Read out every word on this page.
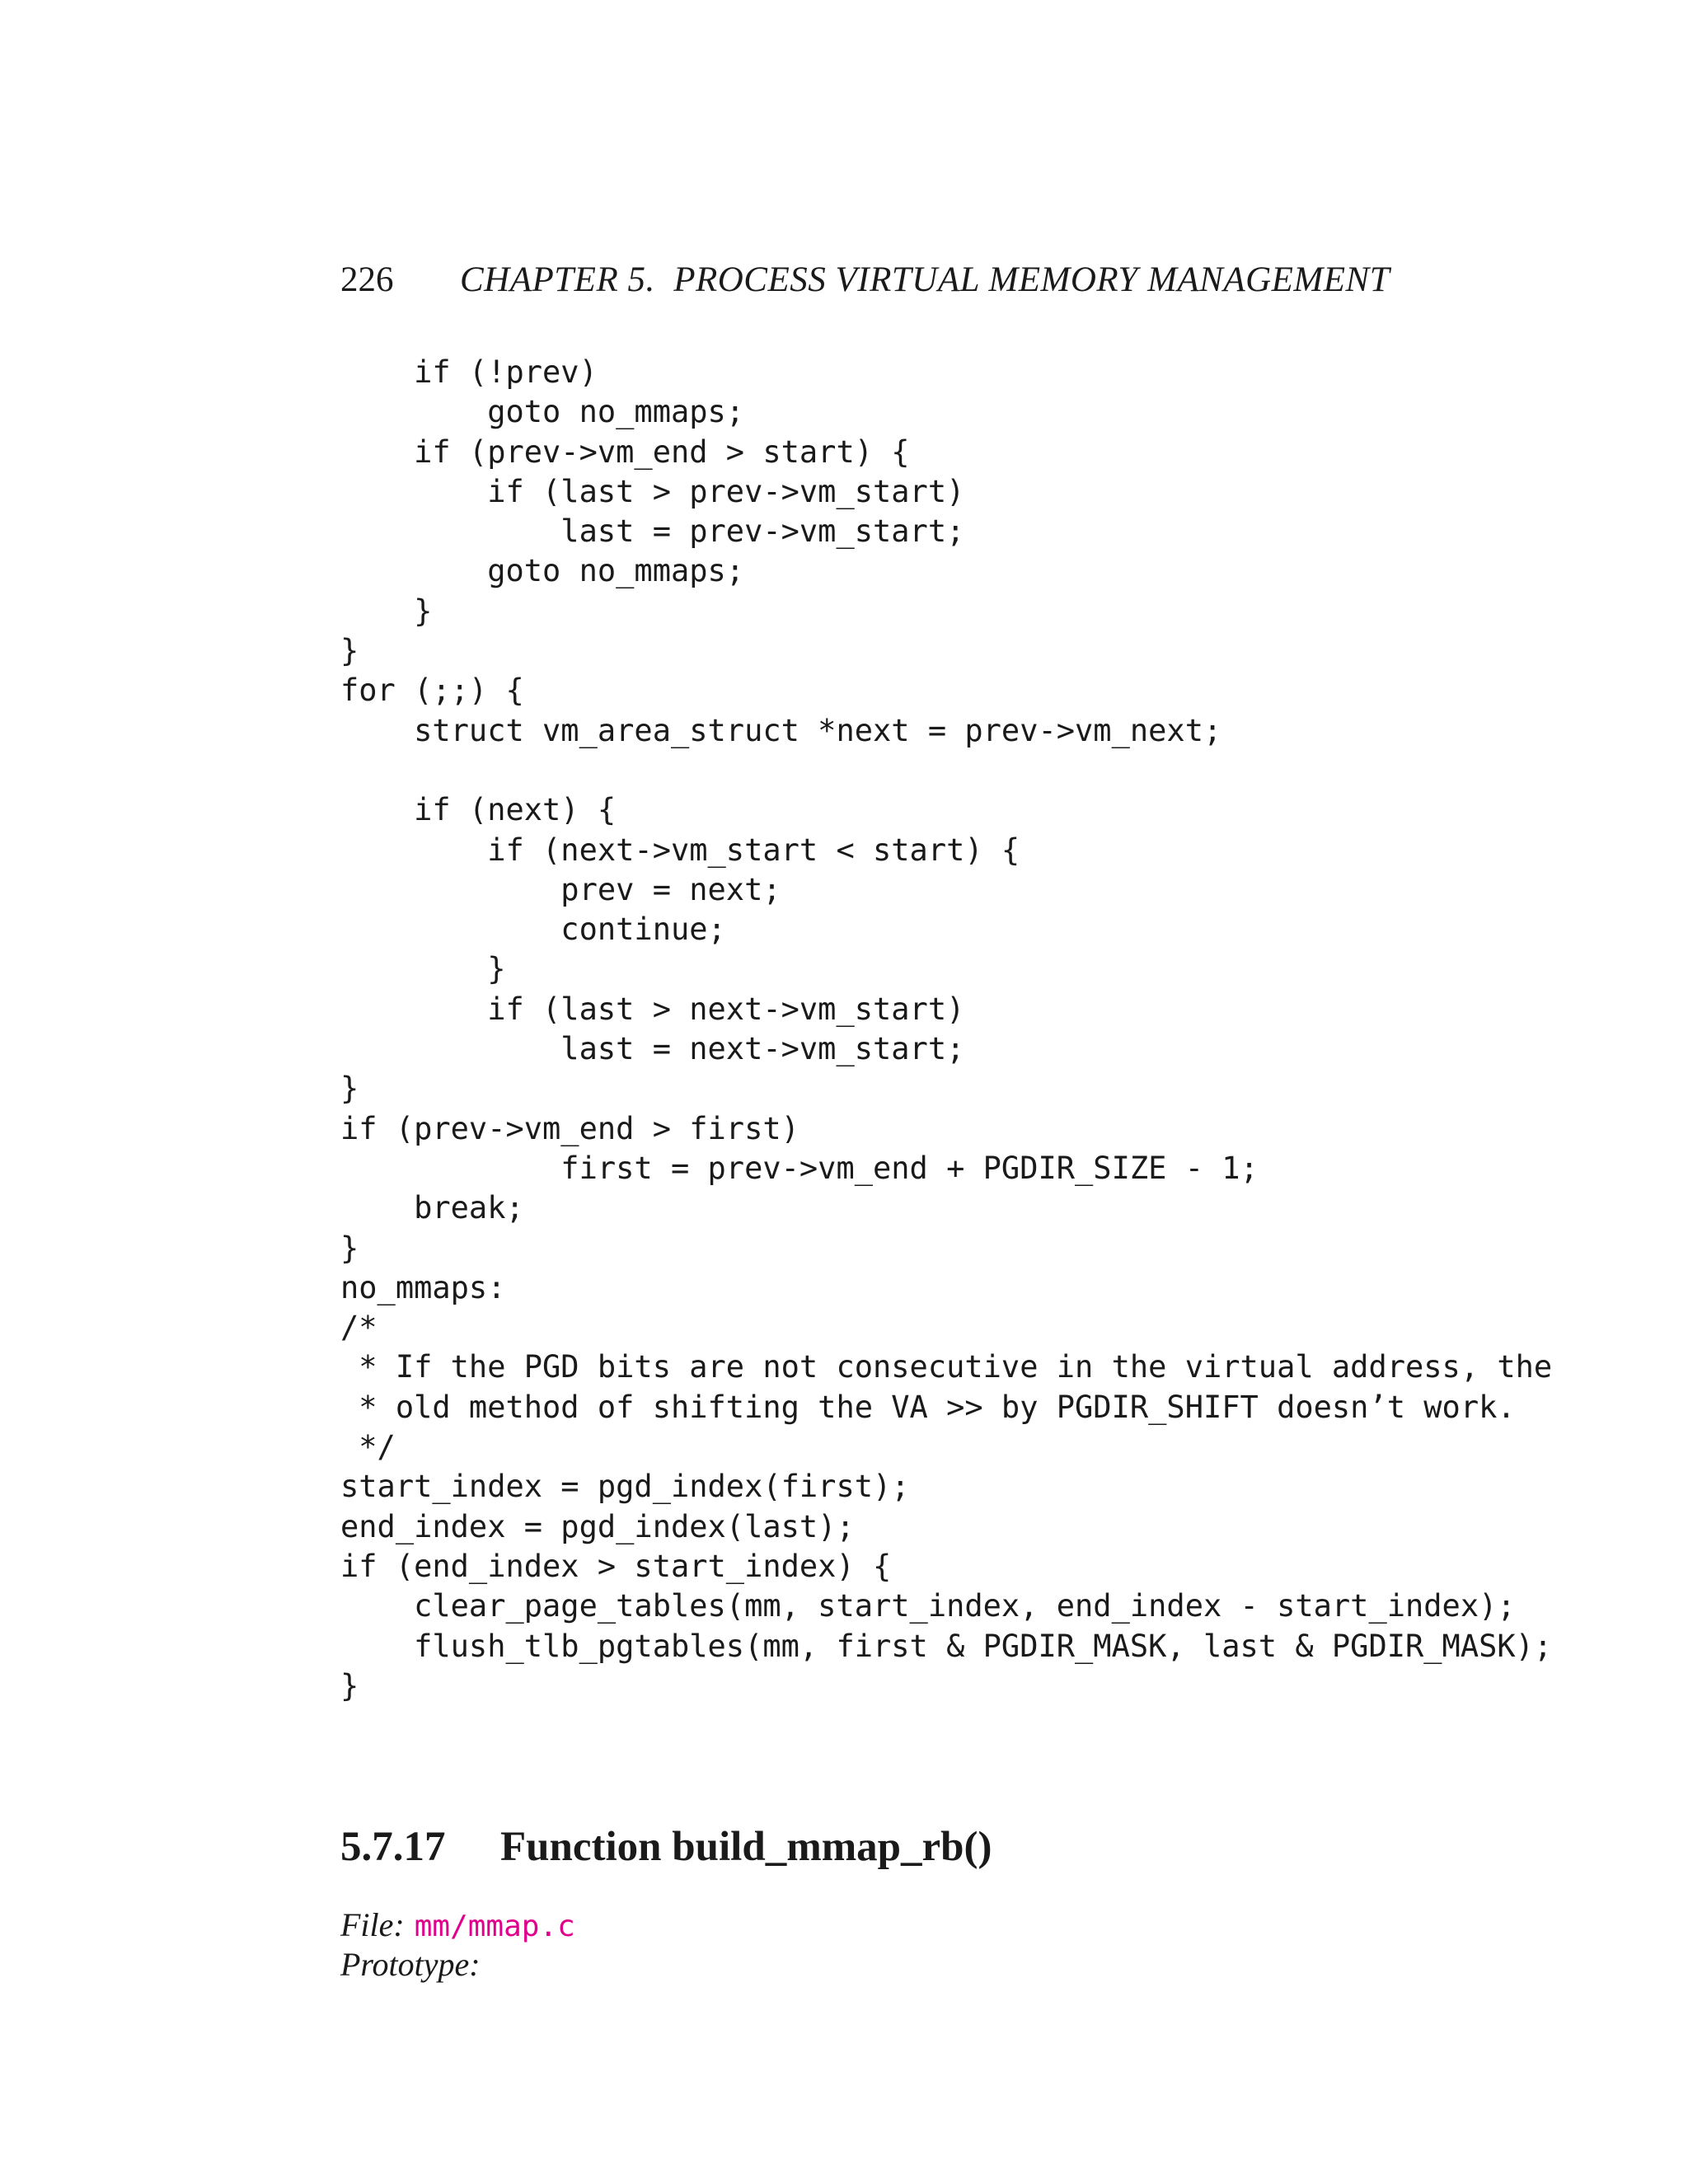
226 CHAPTER 5.  PROCESS VIRTUAL MEMORY MANAGEMENT
if (!prev)
goto no_mmaps;
if (prev->vm_end > start) {
if (last > prev->vm_start)
last = prev->vm_start;
goto no_mmaps;
}
}
for (;;) {
struct vm_area_struct *next = prev->vm_next;
if (next) {
if (next->vm_start < start) {
prev = next;
continue;
}
if (last > next->vm_start)
last = next->vm_start;
}
if (prev->vm_end > first)
first = prev->vm_end + PGDIR_SIZE - 1;
break;
}
no_mmaps:
/*
* If the PGD bits are not consecutive in the virtual address, the
* old method of shifting the VA >> by PGDIR_SHIFT doesn’t work.
*/
start_index = pgd_index(first);
end_index = pgd_index(last);
if (end_index > start_index) {
clear_page_tables(mm, start_index, end_index - start_index);
flush_tlb_pgtables(mm, first & PGDIR_MASK, last & PGDIR_MASK);
}
5.7.17 Function build_mmap_rb()
File: mm/mmap.c
Prototype:
